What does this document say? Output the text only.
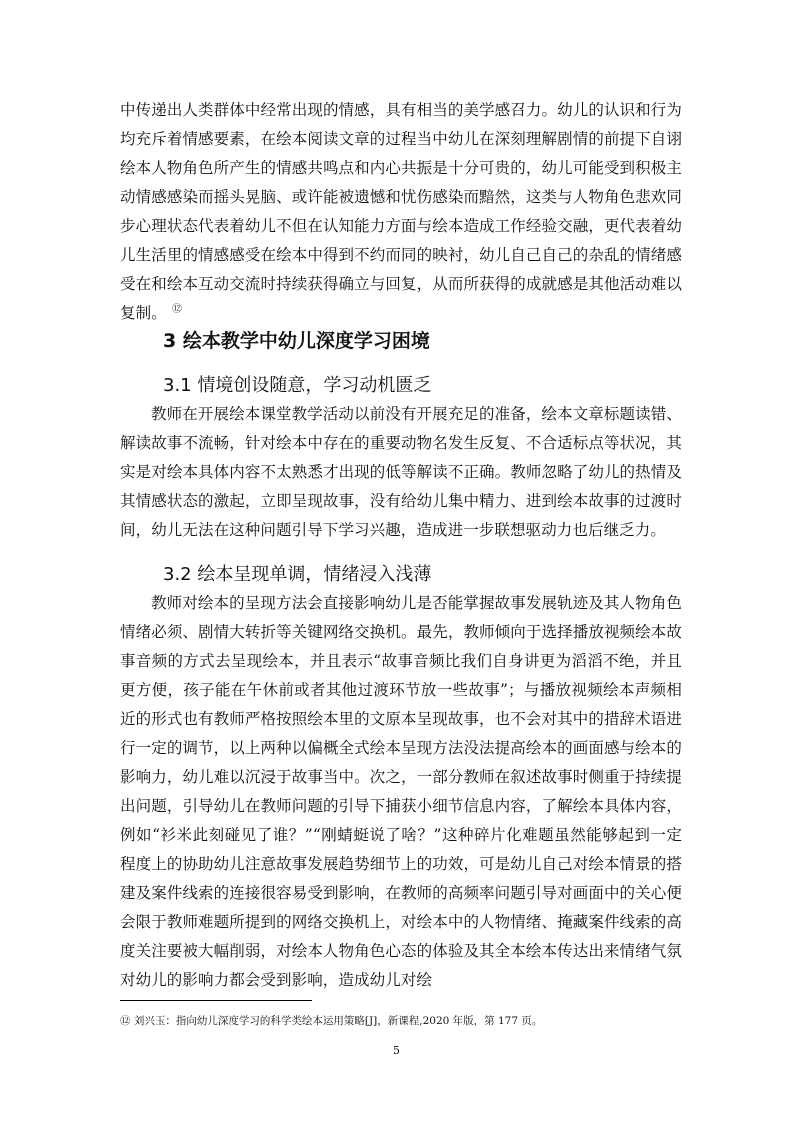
中传递出人类群体中经常出现的情感，具有相当的美学感召力。幼儿的认识和行为均充斥着情感要素，在绘本阅读文章的过程当中幼儿在深刻理解剧情的前提下自诩绘本人物角色所产生的情感共鸣点和内心共振是十分可贵的，幼儿可能受到积极主动情感感染而摇头晃脑、或许能被遗憾和忧伤感染而黯然，这类与人物角色悲欢同步心理状态代表着幼儿不但在认知能力方面与绘本造成工作经验交融，更代表着幼儿生活里的情感感受在绘本中得到不约而同的映衬，幼儿自己自己的杂乱的情绪感受在和绘本互动交流时持续获得确立与回复，从而所获得的成就感是其他活动难以复制。 ⑫

3 绘本教学中幼儿深度学习困境
3.1 情境创设随意，学习动机匮乏

教师在开展绘本课堂教学活动以前没有开展充足的准备，绘本文章标题读错、解读故事不流畅，针对绘本中存在的重要动物名发生反复、不合适标点等状况，其实是对绘本具体内容不太熟悉才出现的低等解读不正确。教师忽略了幼儿的热情及其情感状态的激起，立即呈现故事，没有给幼儿集中精力、进到绘本故事的过渡时间，幼儿无法在这种问题引导下学习兴趣，造成进一步联想驱动力也后继乏力。

3.2 绘本呈现单调，情绪浸入浅薄

教师对绘本的呈现方法会直接影响幼儿是否能掌握故事发展轨迹及其人物角色情绪必须、剧情大转折等关键网络交换机。最先，教师倾向于选择播放视频绘本故事音频的方式去呈现绘本，并且表示“故事音频比我们自身讲更为滔滔不绝，并且更方便，孩子能在午休前或者其他过渡环节放一些故事”；与播放视频绘本声频相近的形式也有教师严格按照绘本里的文原本呈现故事，也不会对其中的措辞术语进行一定的调节，以上两种以偏概全式绘本呈现方法没法提高绘本的画面感与绘本的影响力，幼儿难以沉浸于故事当中。次之，一部分教师在叙述故事时侧重于持续提出问题，引导幼儿在教师问题的引导下捕获小细节信息内容，了解绘本具体内容，例如“衫米此刻碰见了谁？”“刚蜻蜓说了啥？”这种碎片化难题虽然能够起到一定程度上的协助幼儿注意故事发展趋势细节上的功效，可是幼儿自己对绘本情景的搭建及案件线索的连接很容易受到影响，在教师的高频率问题引导对画面中的关心便会限于教师难题所提到的网络交换机上，对绘本中的人物情绪、掩藏案件线索的高度关注要被大幅削弱，对绘本人物角色心态的体验及其全本绘本传达出来情绪气氛对幼儿的影响力都会受到影响，造成幼儿对绘

⑫ 刘兴玉：指向幼儿深度学习的科学类绘本运用策略[J]，新课程,2020 年版，第 177 页。

5
